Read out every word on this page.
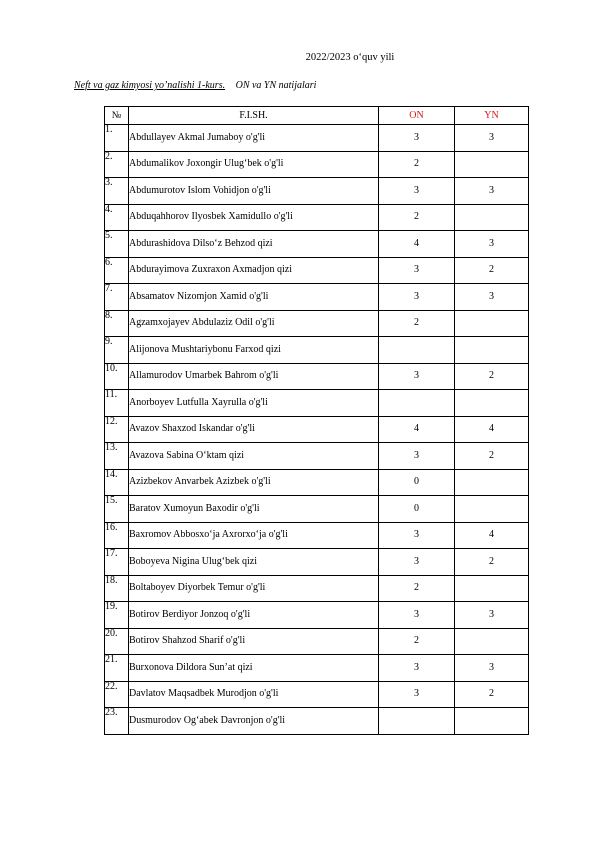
2022/2023 o‘quv yili
Neft va gaz kimyosi yo’nalishi 1-kurs. ON va YN natijalari
№	F.I.SH.	ON	YN
1.	Abdullayev Akmal Jumaboy o'g'li	3	3
2.	Abdumalikov Joxongir Ulug‘bek o'g'li	2	
3.	Abdumurotov Islom Vohidjon o'g'li	3	3
4.	Abduqahhorov Ilyosbek Xamidullo o'g'li	2	
5.	Abdurashidova Dilso‘z Behzod qizi	4	3
6.	Abdurayimova Zuxraxon Axmadjon qizi	3	2
7.	Absamatov Nizomjon Xamid o'g'li	3	3
8.	Agzamxojayev Abdulaziz Odil o'g'li	2	
9.	Alijonova Mushtariybonu Farxod qizi		
10.	Allamurodov Umarbek Bahrom o'g'li	3	2
11.	Anorboyev Lutfulla Xayrulla o'g'li		
12.	Avazov Shaxzod Iskandar o'g'li	4	4
13.	Avazova Sabina O‘ktam qizi	3	2
14.	Azizbekov Anvarbek Azizbek o'g'li	0	
15.	Baratov Xumoyun Baxodir o'g'li	0	
16.	Baxromov Abbosxo‘ja Axrorxo‘ja o'g'li	3	4
17.	Boboyeva Nigina Ulug‘bek qizi	3	2
18.	Boltaboyev Diyorbek Temur o'g'li	2	
19.	Botirov Berdiyor Jonzoq o'g'li	3	3
20.	Botirov Shahzod Sharif o'g'li	2	
21.	Burxonova Dildora Sun’at qizi	3	3
22.	Davlatov Maqsadbek Murodjon o'g'li	3	2
23.	Dusmurodov Og‘abek Davronjon o'g'li		
